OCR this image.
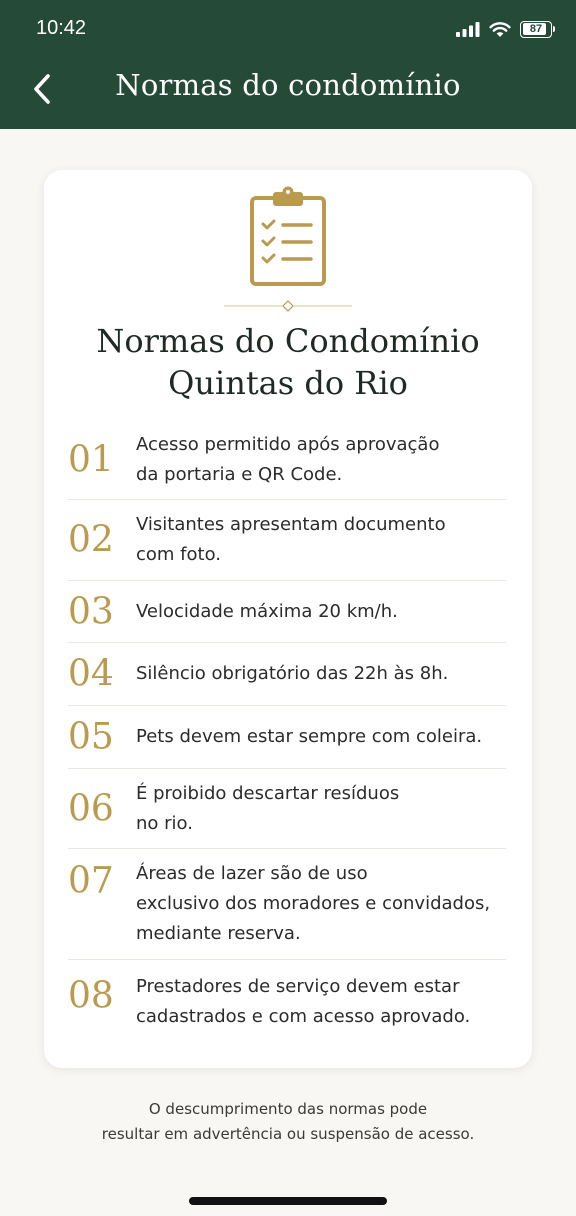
10:42	87
Normas do condomínio
Normas do Condomínio
Quintas do Rio
01	Acesso permitido após aprovação
da portaria e QR Code.
02	Visitantes apresentam documento
com foto.
03	Velocidade máxima 20 km/h.
04	Silêncio obrigatório das 22h às 8h.
05	Pets devem estar sempre com coleira.
06	É proibido descartar resíduos
no rio.
07	Áreas de lazer são de uso
exclusivo dos moradores e convidados,
mediante reserva.
08	Prestadores de serviço devem estar
cadastrados e com acesso aprovado.
O descumprimento das normas pode
resultar em advertência ou suspensão de acesso.
